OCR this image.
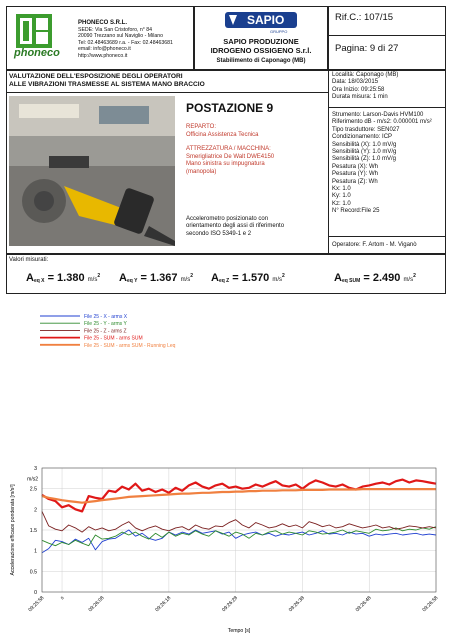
phoneco
PHONECO S.R.L.
SEDE: Via San Cristoforo, n° 84
20090 Trezzano sul Naviglio - Milano
Tel: 02.48463689 r.a. - Fax: 02.48463681
email: info@phoneco.it
http://www.phoneco.it
SAPIO
GRUPPO
SAPIO PRODUZIONE
IDROGENO OSSIGENO S.r.l.
Stabilimento di Caponago (MB)
Rif.C.: 107/15
Pagina: 9 di 27
VALUTAZIONE DELL'ESPOSIZIONE DEGLI OPERATORI
ALLE VIBRAZIONI TRASMESSE AL SISTEMA MANO BRACCIO
Località: Caponago (MB)
Data: 18/03/2015
Ora Inizio: 09:25:58
Durata misura: 1 min
Strumento: Larson-Davis HVM100
Riferimento dB - m/s2: 0.000001 m/s²
Tipo trasduttore: SEN027
Condizionamento: ICP
Sensibilità (X): 1.0 mV/g
Sensibilità (Y): 1.0 mV/g
Sensibilità (Z): 1.0 mV/g
Pesatura (X): Wh
Pesatura (Y): Wh
Pesatura (Z): Wh
Kx: 1.0
Ky: 1.0
Kz: 1.0
N° Record:File 25
Operatore: F. Artom - M. Viganò
POSTAZIONE 9
REPARTO:
Officina Assistenza Tecnica
ATTREZZATURA / MACCHINA:
Smerigliatrice De Walt DWE4150
Mano sinistra su impugnatura
(manopola)
Accelerometro posizionato con
orientamento degli assi di riferimento
secondo ISO 5349-1 e 2
Valori misurati:
$A_{eq X} = 1.380$ $m/s^2$ $A_{eq Y} = 1.367$ $m/s^2$ $A_{eq Z} = 1.570$ $m/s^2$	$A_{eq SUM} = 2.490$ $m/s^2$
File 25 - X - arms X
File 25 - Y - arms Y
File 25 - Z - arms Z
File 25 - SUM - arms SUM
File 25 - SUM - arms SUM - Running Leq
0
0.5
1
1.5
2
2.5
3
m/s2
09:25:58	s	09:26:08	09:26:18	09:26:28	09:26:38	09:26:48	09:26:58
Tempo [s]
Accelerazione efficace ponderata [m/s²]
